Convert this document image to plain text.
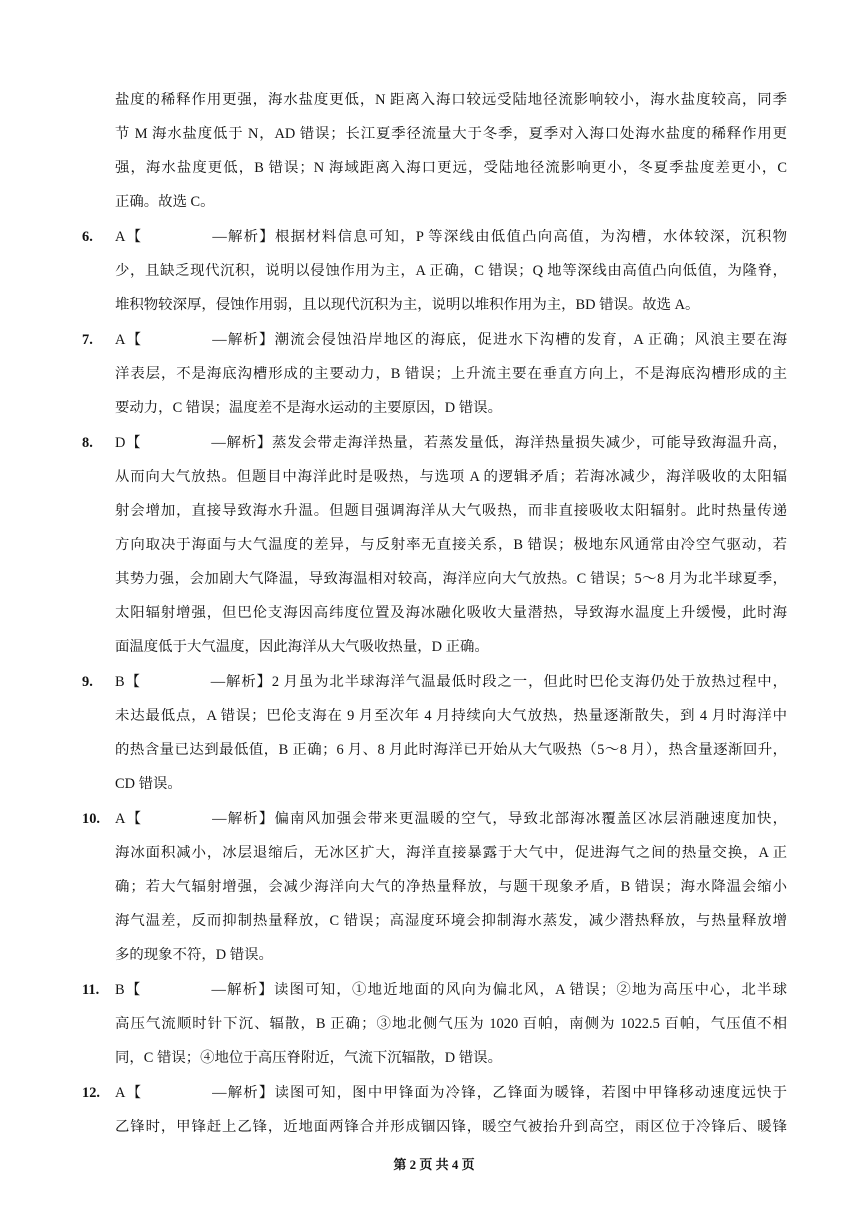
盐度的稀释作用更强，海水盐度更低，N 距离入海口较远受陆地径流影响较小，海水盐度较高，同季
节 M 海水盐度低于 N，AD 错误；长江夏季径流量大于冬季，夏季对入海口处海水盐度的稀释作用更
强，海水盐度更低，B 错误；N 海域距离入海口更远，受陆地径流影响更小，冬夏季盐度差更小，C
正确。故选 C。
6. A【	—解析】根据材料信息可知，P 等深线由低值凸向高值，为沟槽，水体较深，沉积物
少，且缺乏现代沉积，说明以侵蚀作用为主，A 正确，C 错误；Q 地等深线由高值凸向低值，为隆脊，
堆积物较深厚，侵蚀作用弱，且以现代沉积为主，说明以堆积作用为主，BD 错误。故选 A。
7. A【	—解析】潮流会侵蚀沿岸地区的海底，促进水下沟槽的发育，A 正确；风浪主要在海
洋表层，不是海底沟槽形成的主要动力，B 错误；上升流主要在垂直方向上，不是海底沟槽形成的主
要动力，C 错误；温度差不是海水运动的主要原因，D 错误。
8. D【	—解析】蒸发会带走海洋热量，若蒸发量低，海洋热量损失减少，可能导致海温升高，
从而向大气放热。但题目中海洋此时是吸热，与选项 A 的逻辑矛盾；若海冰减少，海洋吸收的太阳辐
射会增加，直接导致海水升温。但题目强调海洋从大气吸热，而非直接吸收太阳辐射。此时热量传递
方向取决于海面与大气温度的差异，与反射率无直接关系，B 错误；极地东风通常由冷空气驱动，若
其势力强，会加剧大气降温，导致海温相对较高，海洋应向大气放热。C 错误；5～8 月为北半球夏季，
太阳辐射增强，但巴伦支海因高纬度位置及海冰融化吸收大量潜热，导致海水温度上升缓慢，此时海
面温度低于大气温度，因此海洋从大气吸收热量，D 正确。
9. B【	—解析】2 月虽为北半球海洋气温最低时段之一，但此时巴伦支海仍处于放热过程中，
未达最低点，A 错误；巴伦支海在 9 月至次年 4 月持续向大气放热，热量逐渐散失，到 4 月时海洋中
的热含量已达到最低值，B 正确；6 月、8 月此时海洋已开始从大气吸热（5～8 月），热含量逐渐回升，
CD 错误。
10. A【	—解析】偏南风加强会带来更温暖的空气，导致北部海冰覆盖区冰层消融速度加快，
海冰面积减小，冰层退缩后，无冰区扩大，海洋直接暴露于大气中，促进海气之间的热量交换，A 正
确；若大气辐射增强，会减少海洋向大气的净热量释放，与题干现象矛盾，B 错误；海水降温会缩小
海气温差，反而抑制热量释放，C 错误；高湿度环境会抑制海水蒸发，减少潜热释放，与热量释放增
多的现象不符，D 错误。
11. B【	—解析】读图可知，①地近地面的风向为偏北风，A 错误；②地为高压中心，北半球
高压气流顺时针下沉、辐散，B 正确；③地北侧气压为 1020 百帕，南侧为 1022.5 百帕，气压值不相
同，C 错误；④地位于高压脊附近，气流下沉辐散，D 错误。
12. A【	—解析】读图可知，图中甲锋面为冷锋，乙锋面为暖锋，若图中甲锋移动速度远快于
乙锋时，甲锋赶上乙锋，近地面两锋合并形成锢囚锋，暖空气被抬升到高空，雨区位于冷锋后、暖锋
第 2 页 共 4 页
